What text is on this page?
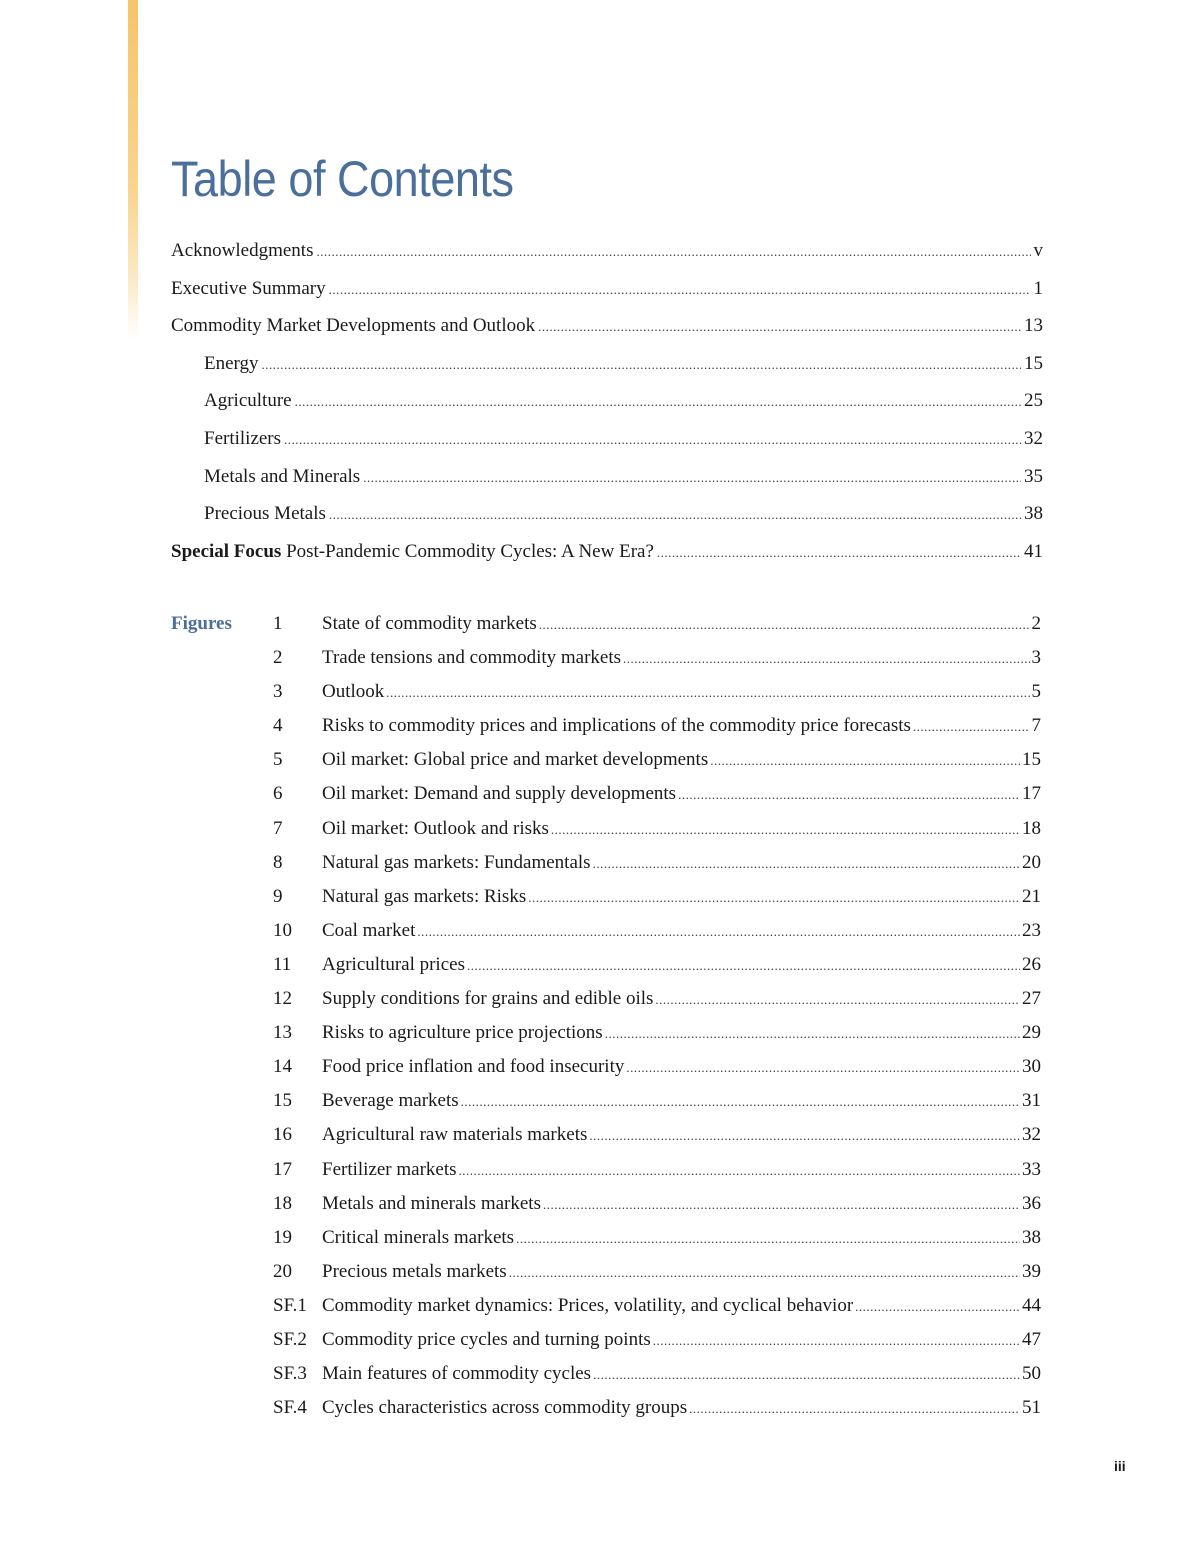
Table of Contents
Acknowledgments .....	v
Executive Summary .....	1
Commodity Market Developments and Outlook .....	13
Energy .....	15
Agriculture .....	25
Fertilizers .....	32
Metals and Minerals .....	35
Precious Metals .....	38
Special Focus Post-Pandemic Commodity Cycles: A New Era? .....	41
Figures 1	State of commodity markets .....	2
2	Trade tensions and commodity markets .....	3
3	Outlook .....	5
4	Risks to commodity prices and implications of the commodity price forecasts .....	7
5	Oil market: Global price and market developments .....	15
6	Oil market: Demand and supply developments .....	17
7	Oil market: Outlook and risks .....	18
8	Natural gas markets: Fundamentals .....	20
9	Natural gas markets: Risks .....	21
10	Coal market .....	23
11	Agricultural prices .....	26
12	Supply conditions for grains and edible oils .....	27
13	Risks to agriculture price projections .....	29
14	Food price inflation and food insecurity .....	30
15	Beverage markets .....	31
16	Agricultural raw materials markets .....	32
17	Fertilizer markets .....	33
18	Metals and minerals markets .....	36
19	Critical minerals markets .....	38
20	Precious metals markets .....	39
SF.1 Commodity market dynamics: Prices, volatility, and cyclical behavior .....	44
SF.2 Commodity price cycles and turning points .....	47
SF.3 Main features of commodity cycles .....	50
SF.4 Cycles characteristics across commodity groups .....	51
iii
